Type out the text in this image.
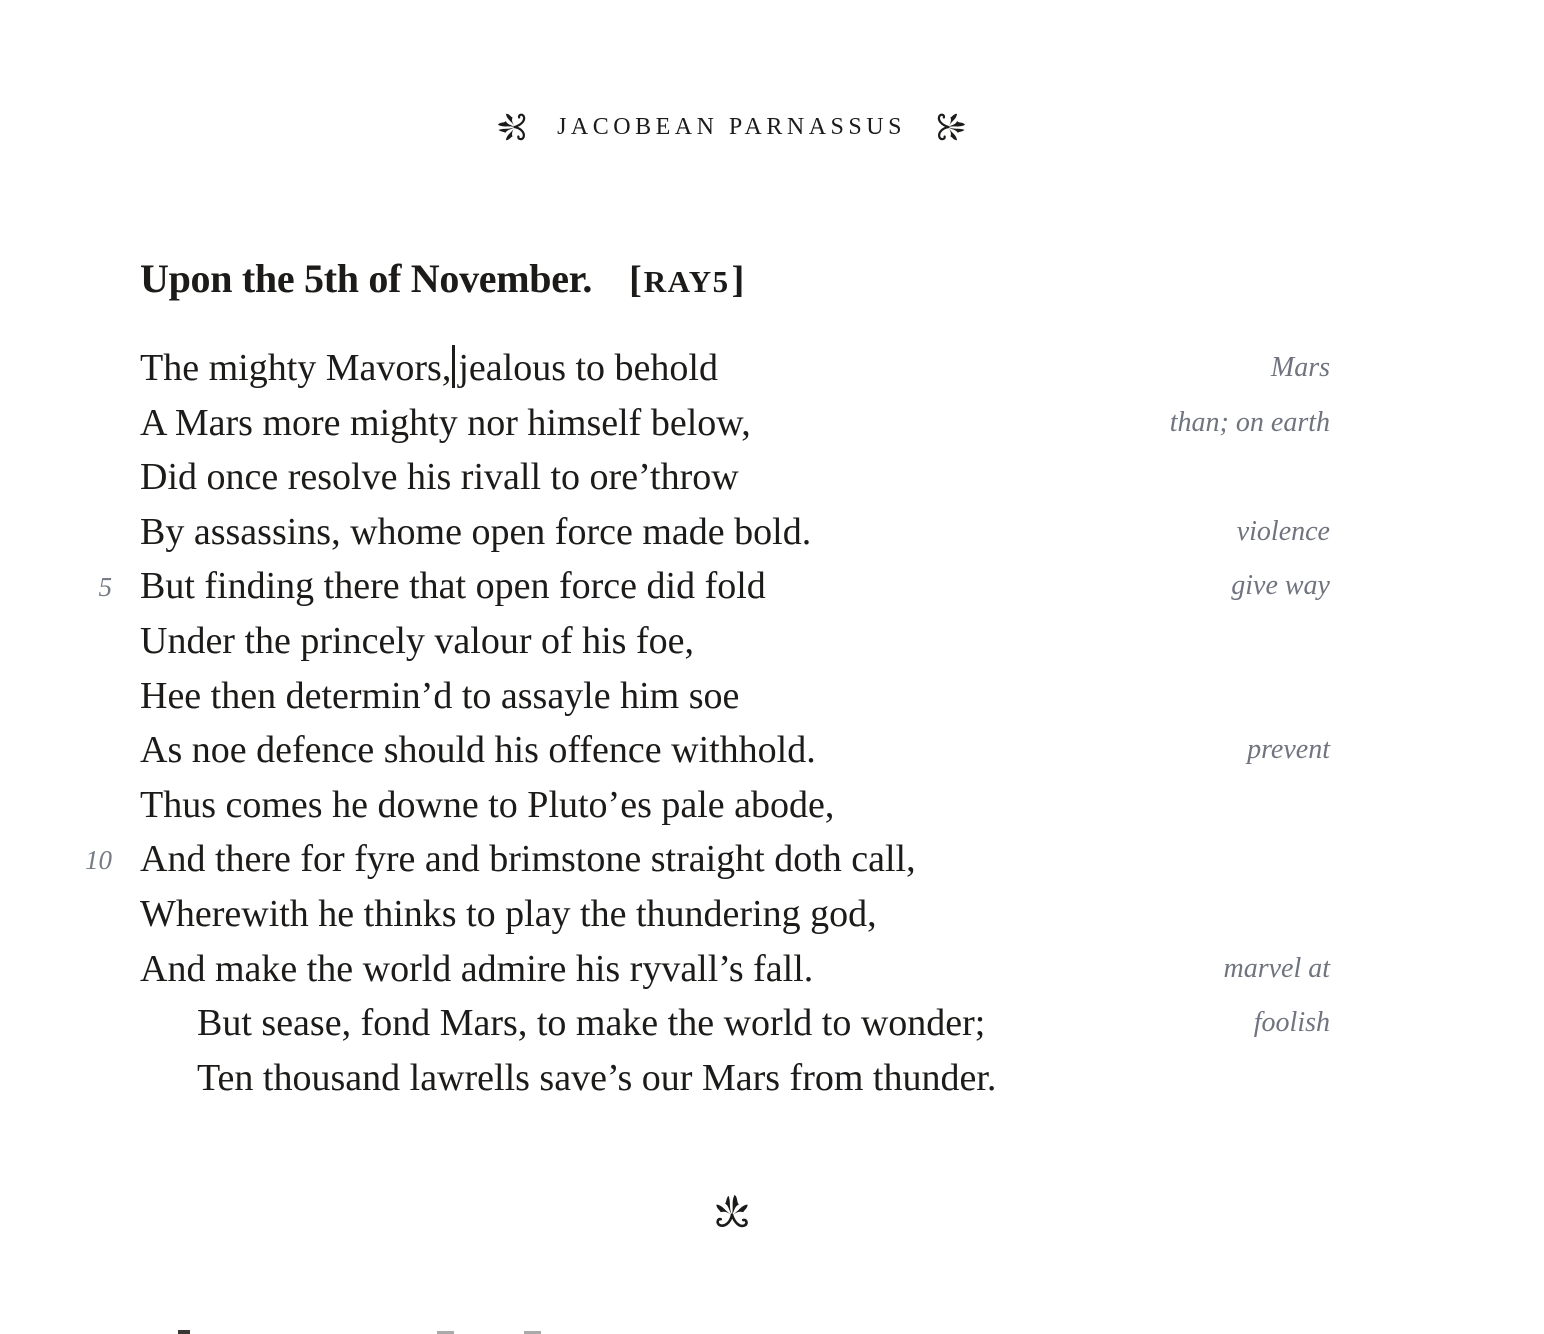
JACOBEAN PARNASSUS
Upon the 5th of November. [RAY5]
The mighty Mavors, jealous to behold	Mars
A Mars more mighty nor himself below,	than; on earth
Did once resolve his rivall to ore’throw
By assassins, whome open force made bold.	violence
5 But finding there that open force did fold	give way
Under the princely valour of his foe,
Hee then determin’d to assayle him soe
As noe defence should his offence withhold.	prevent
Thus comes he downe to Pluto’es pale abode,
10 And there for fyre and brimstone straight doth call,
Wherewith he thinks to play the thundering god,
And make the world admire his ryvall’s fall.	marvel at
But sease, fond Mars, to make the world to wonder;	foolish
Ten thousand lawrells save’s our Mars from thunder.
